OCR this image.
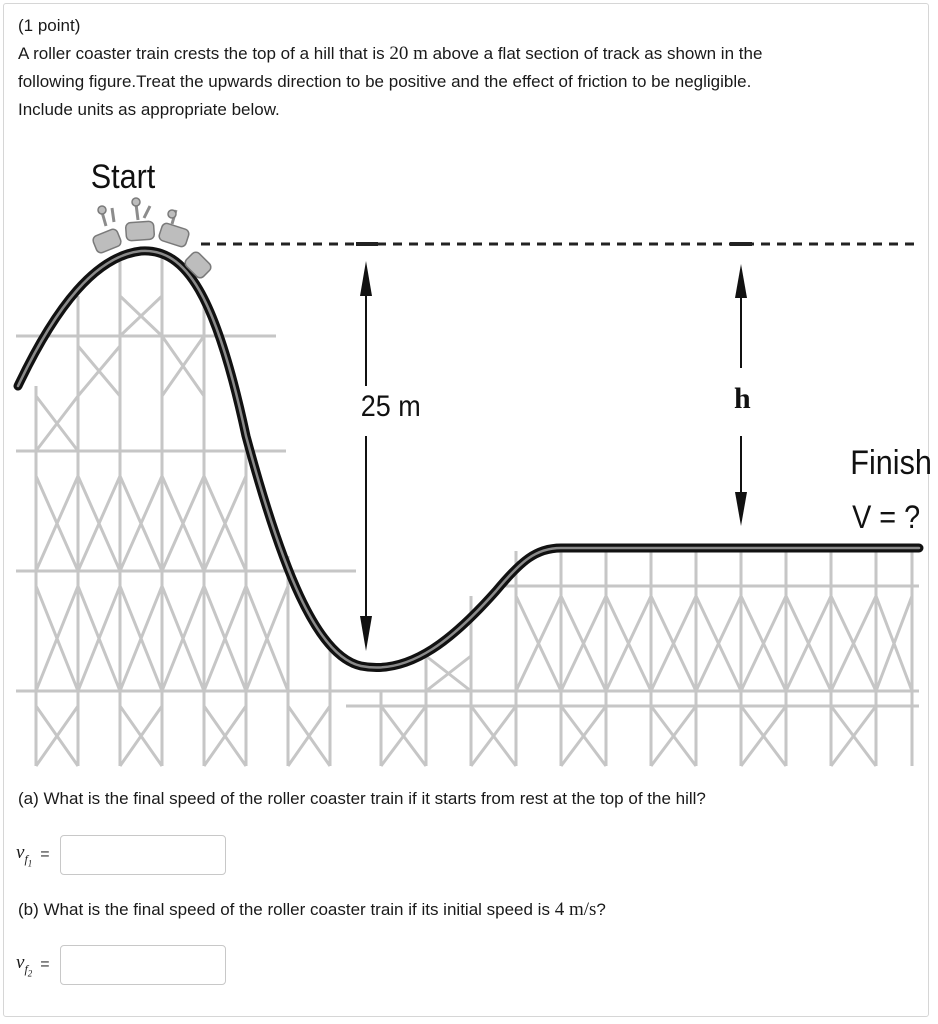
(1 point)
A roller coaster train crests the top of a hill that is 20 m above a flat section of track as shown in the
following figure.Treat the upwards direction to be positive and the effect of friction to be negligible.
Include units as appropriate below.
Start
25 m	h
Finish
V = ?
(a) What is the final speed of the roller coaster train if it starts from rest at the top of the hill?
$v_{f_1}$
=
(b) What is the final speed of the roller coaster train if its initial speed is 4 m/s?
$v_{f_2}$
=
